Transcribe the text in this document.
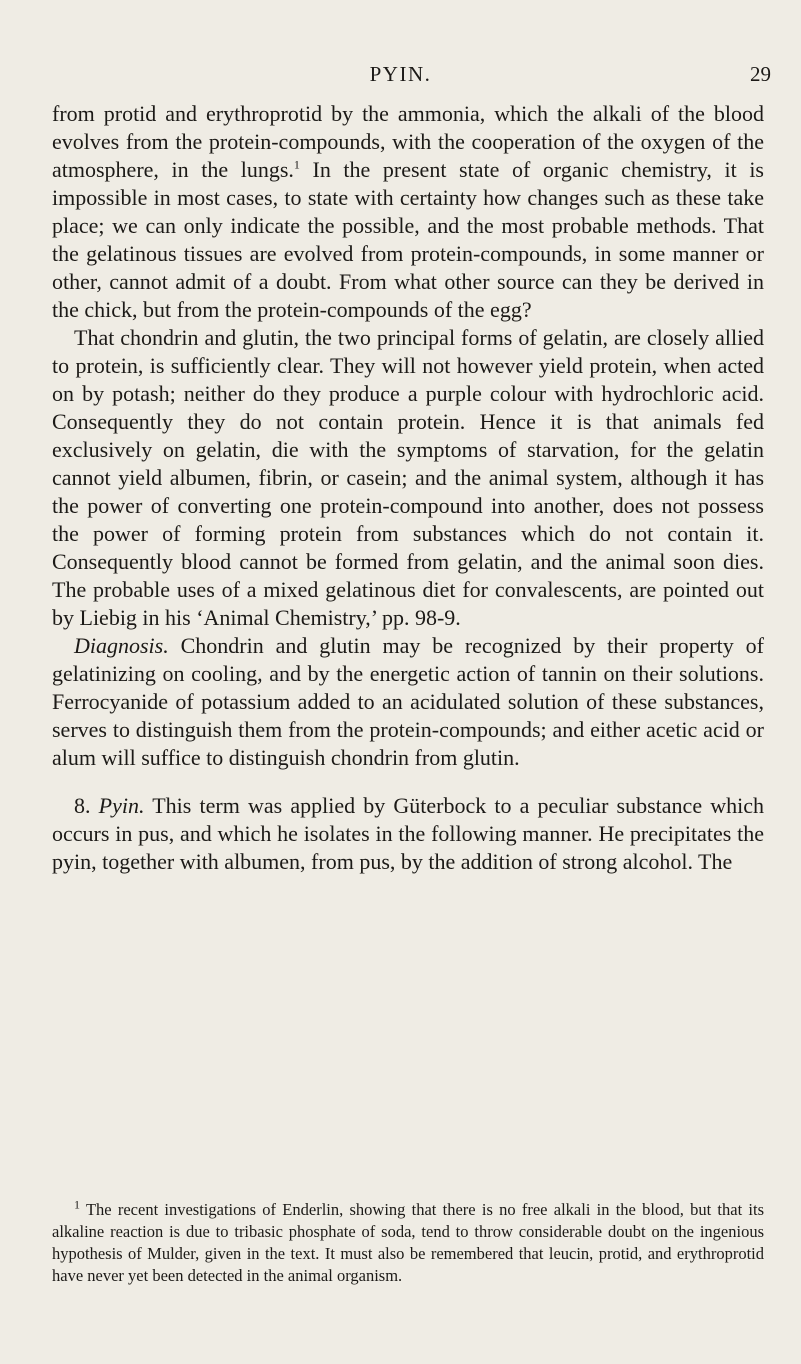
PYIN.	29

from protid and erythroprotid by the ammonia, which the alkali of the blood evolves from the protein-compounds, with the cooperation of the oxygen of the atmosphere, in the lungs.$^1$ In the present state of organic chemistry, it is impossible in most cases, to state with certainty how changes such as these take place; we can only indicate the possible, and the most probable methods. That the gelatinous tissues are evolved from protein-compounds, in some manner or other, cannot admit of a doubt. From what other source can they be derived in the chick, but from the protein-compounds of the egg?

That chondrin and glutin, the two principal forms of gelatin, are closely allied to protein, is sufficiently clear. They will not however yield protein, when acted on by potash; neither do they produce a purple colour with hydrochloric acid. Consequently they do not contain protein. Hence it is that animals fed exclusively on gelatin, die with the symptoms of starvation, for the gelatin cannot yield albumen, fibrin, or casein; and the animal system, although it has the power of converting one protein-compound into another, does not possess the power of forming protein from substances which do not contain it. Consequently blood cannot be formed from gelatin, and the animal soon dies. The probable uses of a mixed gelatinous diet for convalescents, are pointed out by Liebig in his ‘Animal Chemistry,’ pp. 98-9.

Diagnosis. Chondrin and glutin may be recognized by their property of gelatinizing on cooling, and by the energetic action of tannin on their solutions. Ferrocyanide of potassium added to an acidulated solution of these substances, serves to distinguish them from the protein-compounds; and either acetic acid or alum will suffice to distinguish chondrin from glutin.

8. Pyin. This term was applied by Güterbock to a peculiar substance which occurs in pus, and which he isolates in the following manner. He precipitates the pyin, together with albumen, from pus, by the addition of strong alcohol. The

$^1$ The recent investigations of Enderlin, showing that there is no free alkali in the blood, but that its alkaline reaction is due to tribasic phosphate of soda, tend to throw considerable doubt on the ingenious hypothesis of Mulder, given in the text. It must also be remembered that leucin, protid, and erythroprotid have never yet been detected in the animal organism.
